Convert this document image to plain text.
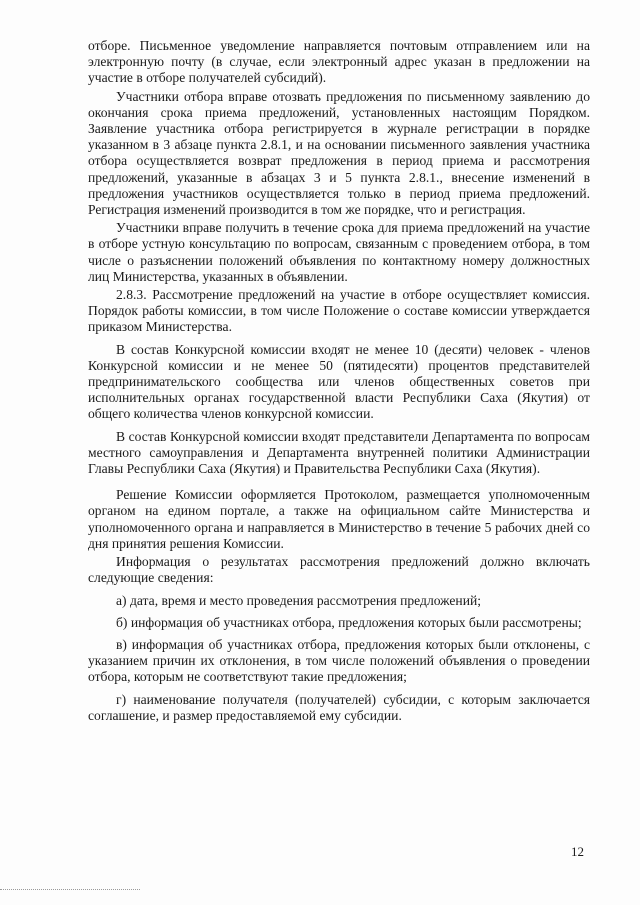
отборе. Письменное уведомление направляется почтовым отправлением или на электронную почту (в случае, если электронный адрес указан в предложении на участие в отборе получателей субсидий).

Участники отбора вправе отозвать предложения по письменному заявлению до окончания срока приема предложений, установленных настоящим Порядком. Заявление участника отбора регистрируется в журнале регистрации в порядке указанном в 3 абзаце пункта 2.8.1, и на основании письменного заявления участника отбора осуществляется возврат предложения в период приема и рассмотрения предложений, указанные в абзацах 3 и 5 пункта 2.8.1., внесение изменений в предложения участников осуществляется только в период приема предложений. Регистрация изменений производится в том же порядке, что и регистрация.

Участники вправе получить в течение срока для приема предложений на участие в отборе устную консультацию по вопросам, связанным с проведением отбора, в том числе о разъяснении положений объявления по контактному номеру должностных лиц Министерства, указанных в объявлении.

2.8.3. Рассмотрение предложений на участие в отборе осуществляет комиссия. Порядок работы комиссии, в том числе Положение о составе комиссии утверждается приказом Министерства.

В состав Конкурсной комиссии входят не менее 10 (десяти) человек - членов Конкурсной комиссии и не менее 50 (пятидесяти) процентов представителей предпринимательского сообщества или членов общественных советов при исполнительных органах государственной власти Республики Саха (Якутия) от общего количества членов конкурсной комиссии.

В состав Конкурсной комиссии входят представители Департамента по вопросам местного самоуправления и Департамента внутренней политики Администрации Главы Республики Саха (Якутия) и Правительства Республики Саха (Якутия).

Решение Комиссии оформляется Протоколом, размещается уполномоченным органом на едином портале, а также на официальном сайте Министерства и уполномоченного органа и направляется в Министерство в течение 5 рабочих дней со дня принятия решения Комиссии.

Информация о результатах рассмотрения предложений должно включать следующие сведения:

а) дата, время и место проведения рассмотрения предложений;

б) информация об участниках отбора, предложения которых были рассмотрены;

в) информация об участниках отбора, предложения которых были отклонены, с указанием причин их отклонения, в том числе положений объявления о проведении отбора, которым не соответствуют такие предложения;

г) наименование получателя (получателей) субсидии, с которым заключается соглашение, и размер предоставляемой ему субсидии.

12
